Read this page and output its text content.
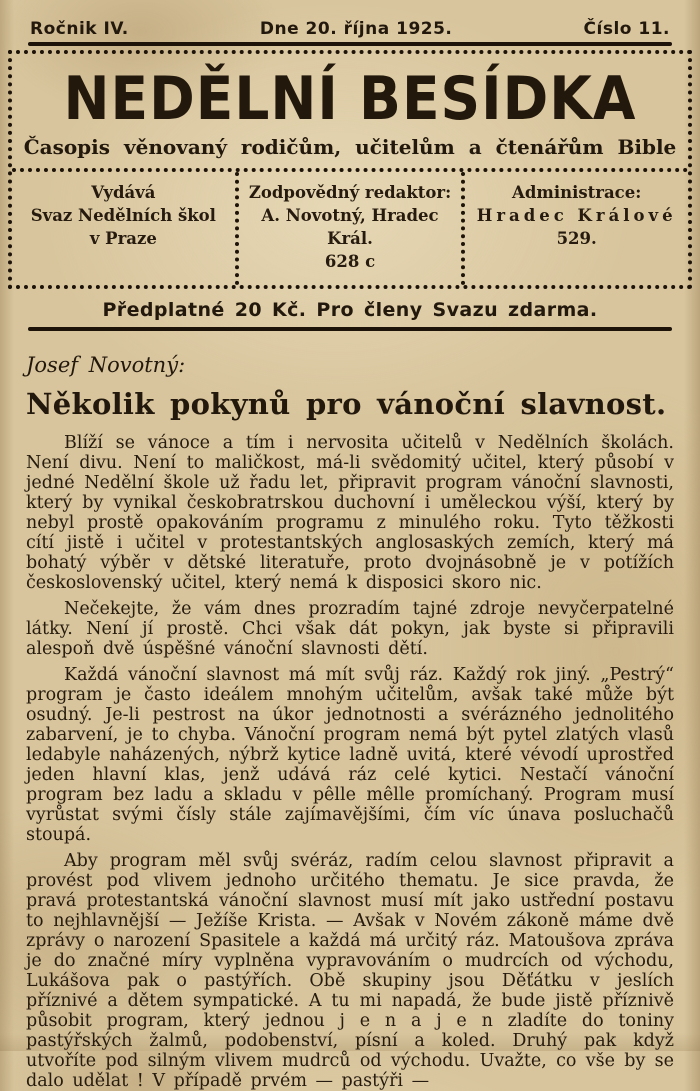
Ročnik IV.	Dne 20. října 1925.	Číslo 11.
NEDĚLNÍ BESÍDKA
Časopis věnovaný rodičům, učitelům a čtenářům Bible
Vydává
Svaz Nedělních škol
v Praze
Zodpovědný redaktor:
A. Novotný, Hradec Král.
628 c
Administrace:
Hradec Králové
529.
Předplatné 20 Kč. Pro členy Svazu zdarma.
Josef Novotný:
Několik pokynů pro vánoční slavnost.

Blíží se vánoce a tím i nervosita učitelů v Nedělních školách. Není divu. Není to maličkost, má-li svědomitý učitel, který působí v jedné Nedělní škole už řadu let, připravit program vánoční slavnosti, který by vynikal českobratrskou duchovní i uměleckou výší, který by nebyl prostě opakováním programu z minulého roku. Tyto těžkosti cítí jistě i učitel v protestantských anglosaských zemích, který má bohatý výběr v dětské literatuře, proto dvojnásobně je v potížích československý učitel, který nemá k disposici skoro nic.

Nečekejte, že vám dnes prozradím tajné zdroje nevyčerpatelné látky. Není jí prostě. Chci však dát pokyn, jak byste si připravili alespoň dvě úspěšné vánoční slavnosti dětí.

Každá vánoční slavnost má mít svůj ráz. Každý rok jiný. „Pestrý“ program je často ideálem mnohým učitelům, avšak také může být osudný. Je-li pestrost na úkor jednotnosti a svérázného jednolitého zabarvení, je to chyba. Vánoční program nemá být pytel zlatých vlasů ledabyle naházených, nýbrž kytice ladně uvitá, které vévodí uprostřed jeden hlavní klas, jenž udává ráz celé kytici. Nestačí vánoční program bez ladu a skladu v pêlle mêlle promíchaný. Program musí vyrůstat svými čísly stále zajímavějšími, čím víc únava posluchačů stoupá.

Aby program měl svůj svéráz, radím celou slavnost připravit a provést pod vlivem jednoho určitého thematu. Je sice pravda, že pravá protestantská vánoční slavnost musí mít jako ustřední postavu to nejhlavnější — Ježíše Krista. — Avšak v Novém zákoně máme dvě zprávy o narození Spasitele a každá má určitý ráz. Matoušova zpráva je do značné míry vyplněna vypravováním o mudrcích od východu, Lukášova pak o pastýřích. Obě skupiny jsou Děťátku v jeslích příznivé a dětem sympatické. A tu mi napadá, že bude jistě příznivě působit program, který jednou j e n a j e n zladíte do toniny pastýřských žalmů, podobenství, písní a koled. Druhý pak když utvoříte pod silným vlivem mudrců od východu. Uvažte, co vše by se dalo udělat ! V případě prvém — pastýři —
